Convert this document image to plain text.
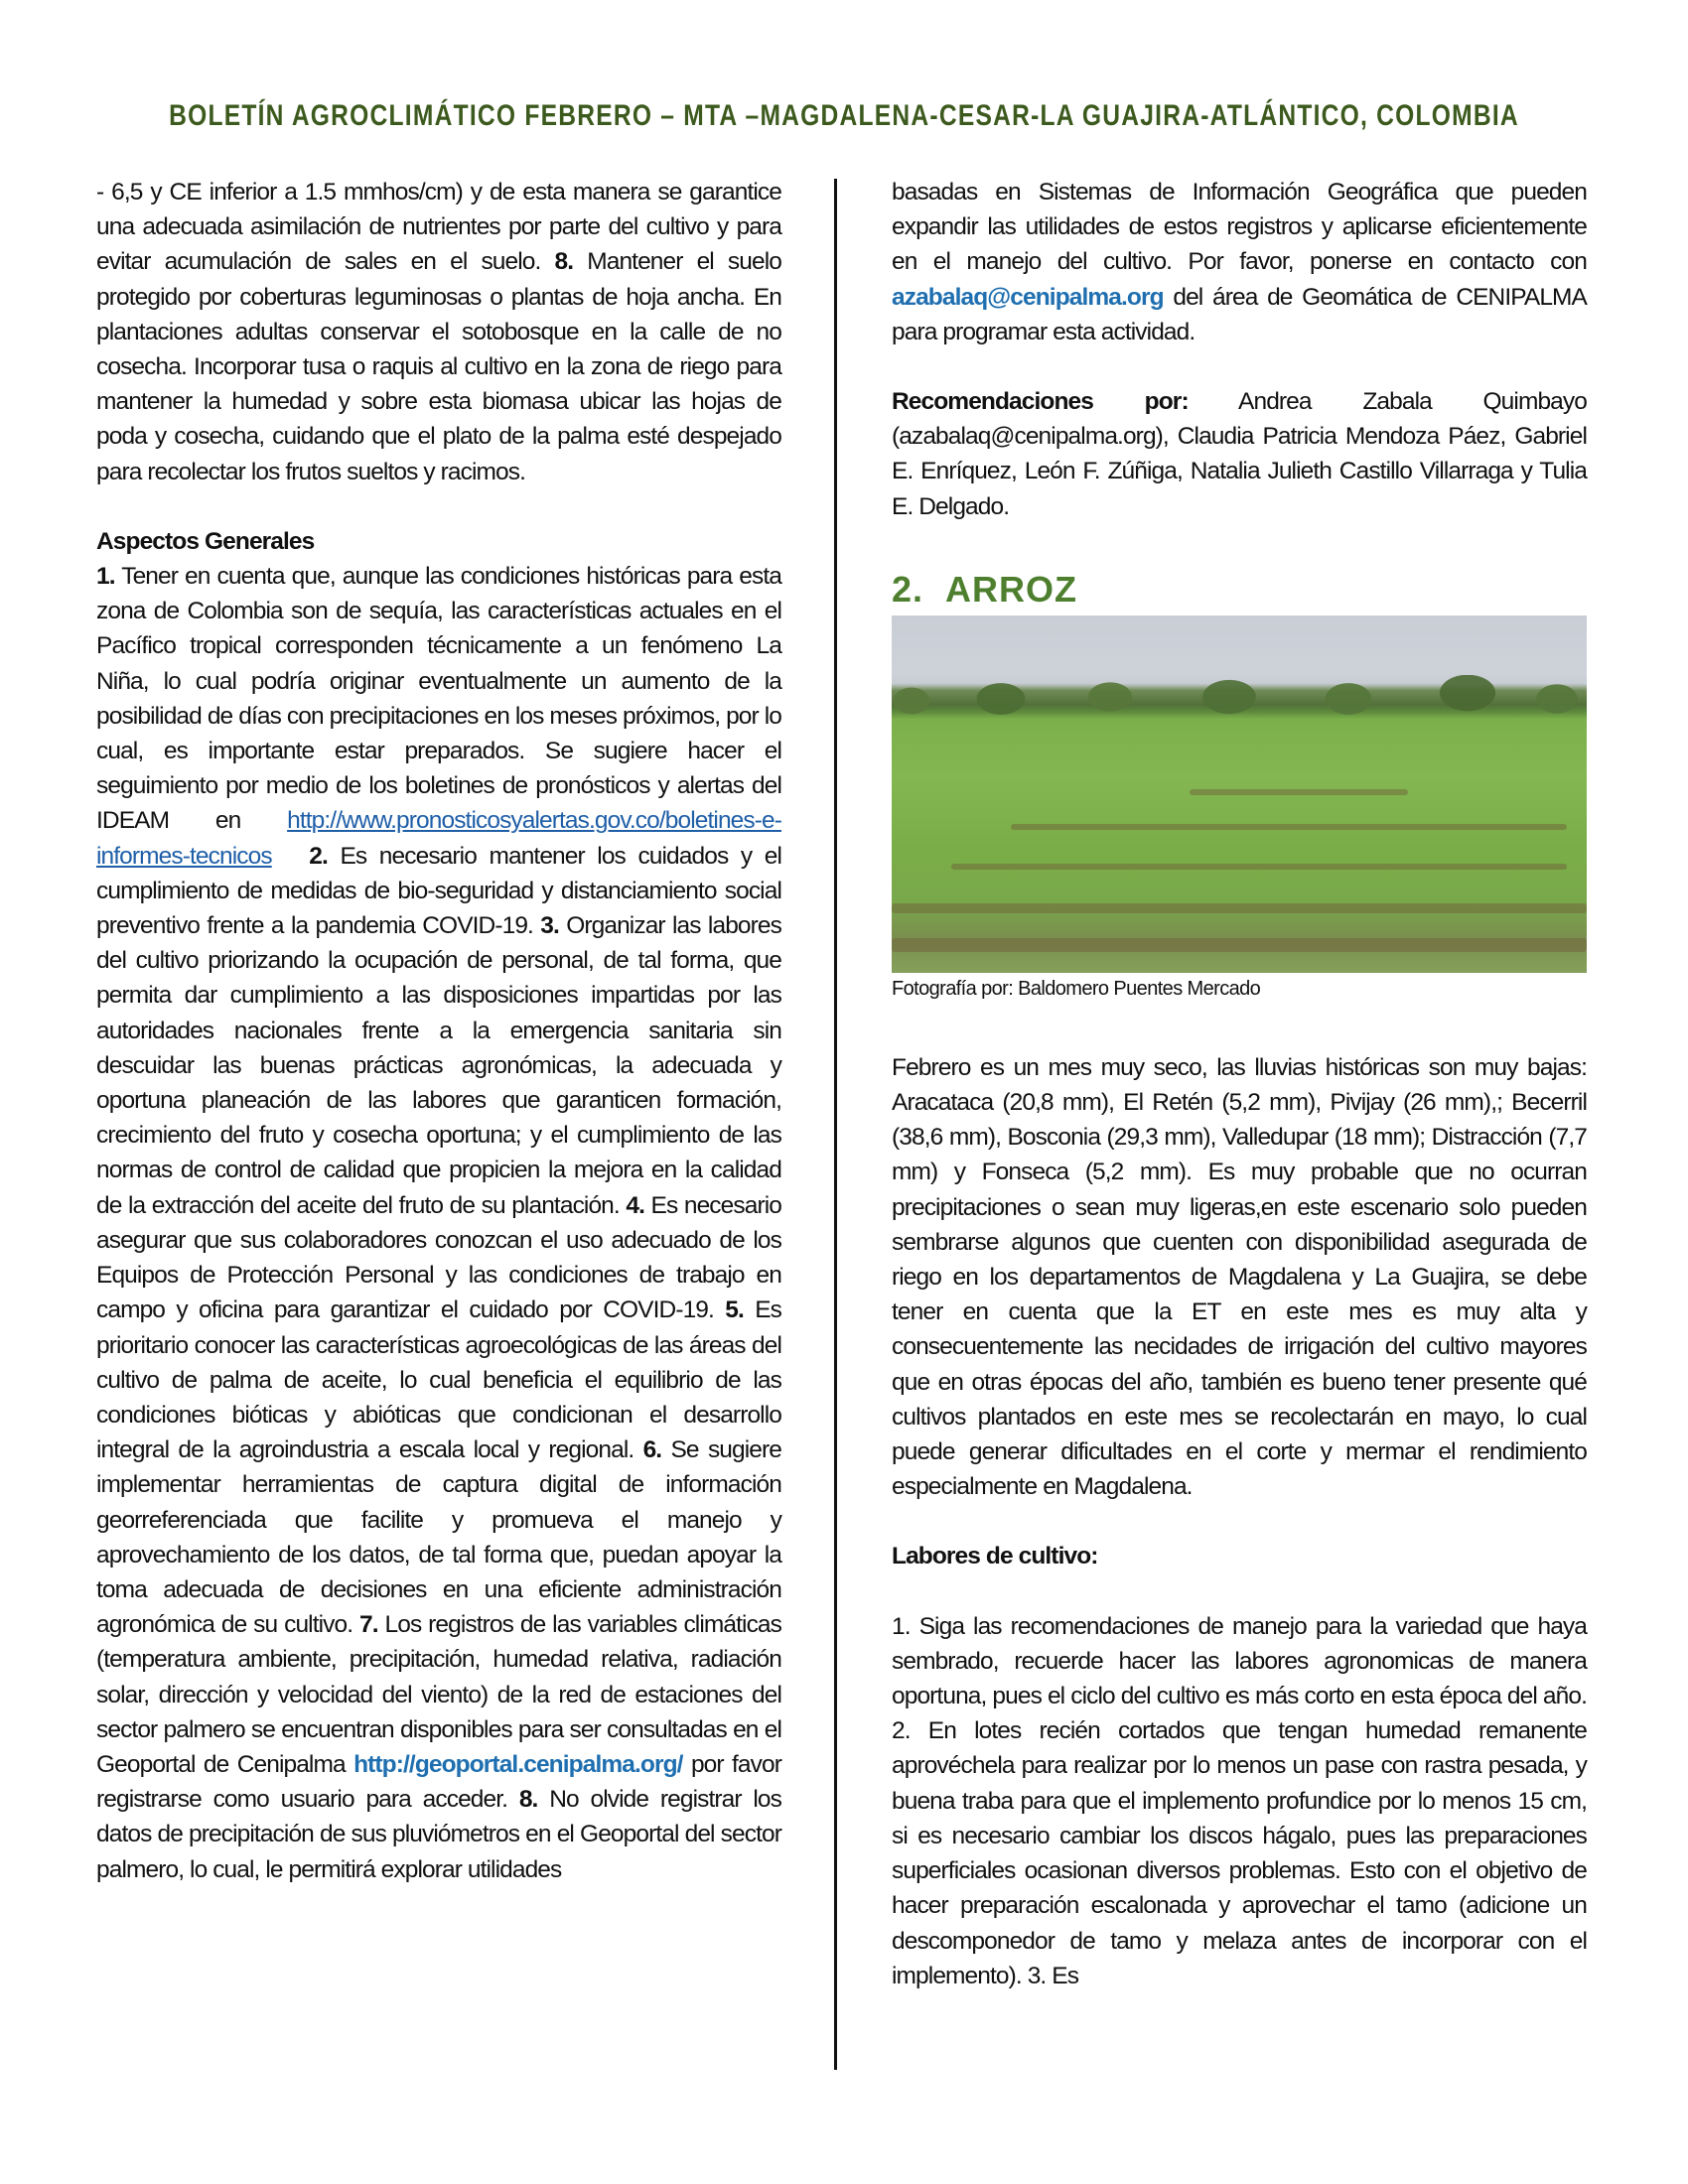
BOLETÍN AGROCLIMÁTICO FEBRERO – MTA –MAGDALENA-CESAR-LA GUAJIRA-ATLÁNTICO, COLOMBIA

- 6,5 y CE inferior a 1.5 mmhos/cm) y de esta manera se garantice una adecuada asimilación de nutrientes por parte del cultivo y para evitar acumulación de sales en el suelo. 8. Mantener el suelo protegido por coberturas leguminosas o plantas de hoja ancha. En plantaciones adultas conservar el sotobosque en la calle de no cosecha. Incorporar tusa o raquis al cultivo en la zona de riego para mantener la humedad y sobre esta biomasa ubicar las hojas de poda y cosecha, cuidando que el plato de la palma esté despejado para recolectar los frutos sueltos y racimos.

Aspectos Generales

1. Tener en cuenta que, aunque las condiciones históricas para esta zona de Colombia son de sequía, las características actuales en el Pacífico tropical corresponden técnicamente a un fenómeno La Niña, lo cual podría originar eventualmente un aumento de la posibilidad de días con precipitaciones en los meses próximos, por lo cual, es importante estar preparados. Se sugiere hacer el seguimiento por medio de los boletines de pronósticos y alertas del IDEAM en http://www.pronosticosyalertas.gov.co/boletines-e-informes-tecnicos 2. Es necesario mantener los cuidados y el cumplimiento de medidas de bio-seguridad y distanciamiento social preventivo frente a la pandemia COVID-19. 3. Organizar las labores del cultivo priorizando la ocupación de personal, de tal forma, que permita dar cumplimiento a las disposiciones impartidas por las autoridades nacionales frente a la emergencia sanitaria sin descuidar las buenas prácticas agronómicas, la adecuada y oportuna planeación de las labores que garanticen formación, crecimiento del fruto y cosecha oportuna; y el cumplimiento de las normas de control de calidad que propicien la mejora en la calidad de la extracción del aceite del fruto de su plantación. 4. Es necesario asegurar que sus colaboradores conozcan el uso adecuado de los Equipos de Protección Personal y las condiciones de trabajo en campo y oficina para garantizar el cuidado por COVID-19. 5. Es prioritario conocer las características agroecológicas de las áreas del cultivo de palma de aceite, lo cual beneficia el equilibrio de las condiciones bióticas y abióticas que condicionan el desarrollo integral de la agroindustria a escala local y regional. 6. Se sugiere implementar herramientas de captura digital de información georreferenciada que facilite y promueva el manejo y aprovechamiento de los datos, de tal forma que, puedan apoyar la toma adecuada de decisiones en una eficiente administración agronómica de su cultivo. 7. Los registros de las variables climáticas (temperatura ambiente, precipitación, humedad relativa, radiación solar, dirección y velocidad del viento) de la red de estaciones del sector palmero se encuentran disponibles para ser consultadas en el Geoportal de Cenipalma http://geoportal.cenipalma.org/ por favor registrarse como usuario para acceder. 8. No olvide registrar los datos de precipitación de sus pluviómetros en el Geoportal del sector palmero, lo cual, le permitirá explorar utilidades

basadas en Sistemas de Información Geográfica que pueden expandir las utilidades de estos registros y aplicarse eficientemente en el manejo del cultivo. Por favor, ponerse en contacto con azabalaq@cenipalma.org del área de Geomática de CENIPALMA para programar esta actividad.

Recomendaciones por: Andrea Zabala Quimbayo (azabalaq@cenipalma.org), Claudia Patricia Mendoza Páez, Gabriel E. Enríquez, León F. Zúñiga, Natalia Julieth Castillo Villarraga y Tulia E. Delgado.

2. ARROZ
Fotografía por: Baldomero Puentes Mercado

Febrero es un mes muy seco, las lluvias históricas son muy bajas: Aracataca (20,8 mm), El Retén (5,2 mm), Pivijay (26 mm),; Becerril (38,6 mm), Bosconia (29,3 mm), Valledupar (18 mm); Distracción (7,7 mm) y Fonseca (5,2 mm). Es muy probable que no ocurran precipitaciones o sean muy ligeras,en este escenario solo pueden sembrarse algunos que cuenten con disponibilidad asegurada de riego en los departamentos de Magdalena y La Guajira, se debe tener en cuenta que la ET en este mes es muy alta y consecuentemente las necidades de irrigación del cultivo mayores que en otras épocas del año, también es bueno tener presente qué cultivos plantados en este mes se recolectarán en mayo, lo cual puede generar dificultades en el corte y mermar el rendimiento especialmente en Magdalena.

Labores de cultivo:

1. Siga las recomendaciones de manejo para la variedad que haya sembrado, recuerde hacer las labores agronomicas de manera oportuna, pues el ciclo del cultivo es más corto en esta época del año. 2. En lotes recién cortados que tengan humedad remanente aprovéchela para realizar por lo menos un pase con rastra pesada, y buena traba para que el implemento profundice por lo menos 15 cm, si es necesario cambiar los discos hágalo, pues las preparaciones superficiales ocasionan diversos problemas. Esto con el objetivo de hacer preparación escalonada y aprovechar el tamo (adicione un descomponedor de tamo y melaza antes de incorporar con el implemento). 3. Es
